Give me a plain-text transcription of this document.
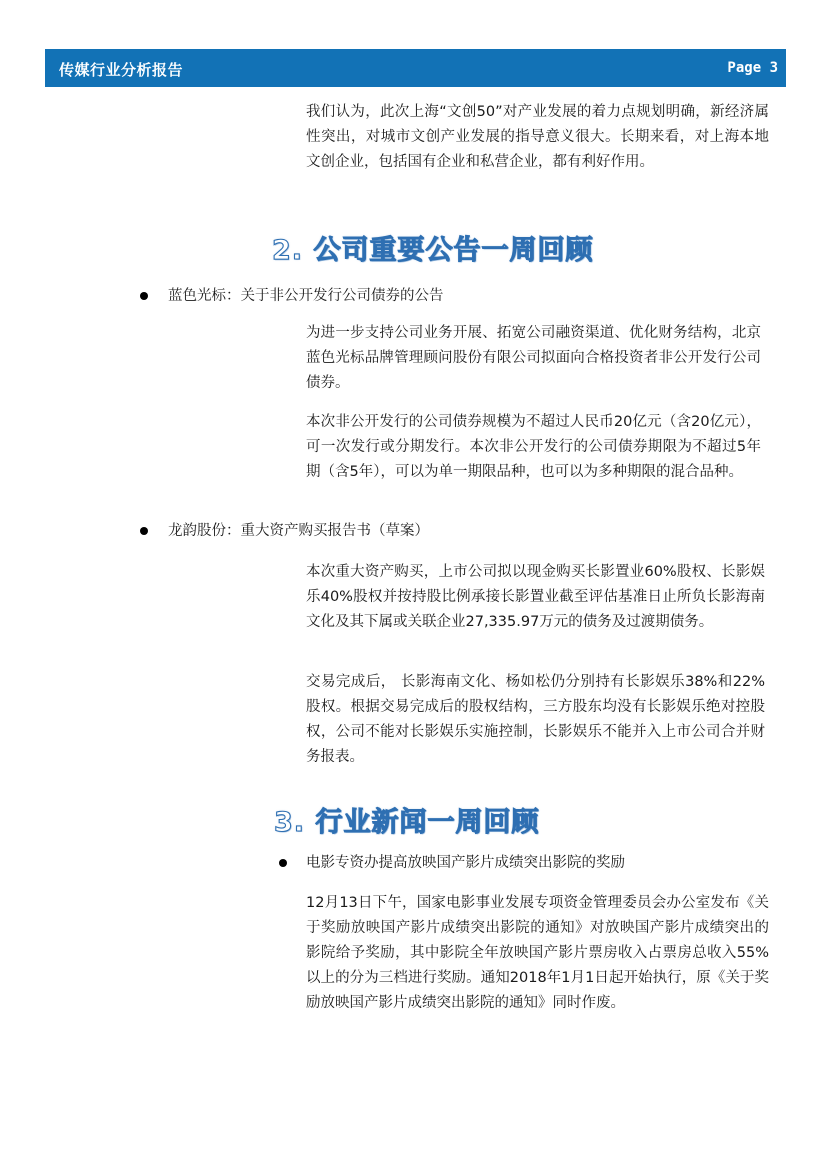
传媒行业分析报告	Page 3

我们认为，此次上海“文创50”对产业发展的着力点规划明确，新经济属性突出，对城市文创产业发展的指导意义很大。长期来看，对上海本地文创企业，包括国有企业和私营企业，都有利好作用。

2. 公司重要公告一周回顾
蓝色光标：关于非公开发行公司债券的公告

为进一步支持公司业务开展、拓宽公司融资渠道、优化财务结构，北京蓝色光标品牌管理顾问股份有限公司拟面向合格投资者非公开发行公司债券。

本次非公开发行的公司债券规模为不超过人民币20亿元（含20亿元），可一次发行或分期发行。本次非公开发行的公司债券期限为不超过5年期（含5年），可以为单一期限品种，也可以为多种期限的混合品种。

龙韵股份：重大资产购买报告书（草案）

本次重大资产购买，上市公司拟以现金购买长影置业60%股权、长影娱乐40%股权并按持股比例承接长影置业截至评估基准日止所负长影海南文化及其下属或关联企业27,335.97万元的债务及过渡期债务。

交易完成后， 长影海南文化、杨如松仍分别持有长影娱乐38%和22%股权。根据交易完成后的股权结构，三方股东均没有长影娱乐绝对控股权，公司不能对长影娱乐实施控制，长影娱乐不能并入上市公司合并财务报表。

3. 行业新闻一周回顾
电影专资办提高放映国产影片成绩突出影院的奖励

12月13日下午，国家电影事业发展专项资金管理委员会办公室发布《关于奖励放映国产影片成绩突出影院的通知》对放映国产影片成绩突出的影院给予奖励，其中影院全年放映国产影片票房收入占票房总收入55%以上的分为三档进行奖励。通知2018年1月1日起开始执行，原《关于奖励放映国产影片成绩突出影院的通知》同时作废。
